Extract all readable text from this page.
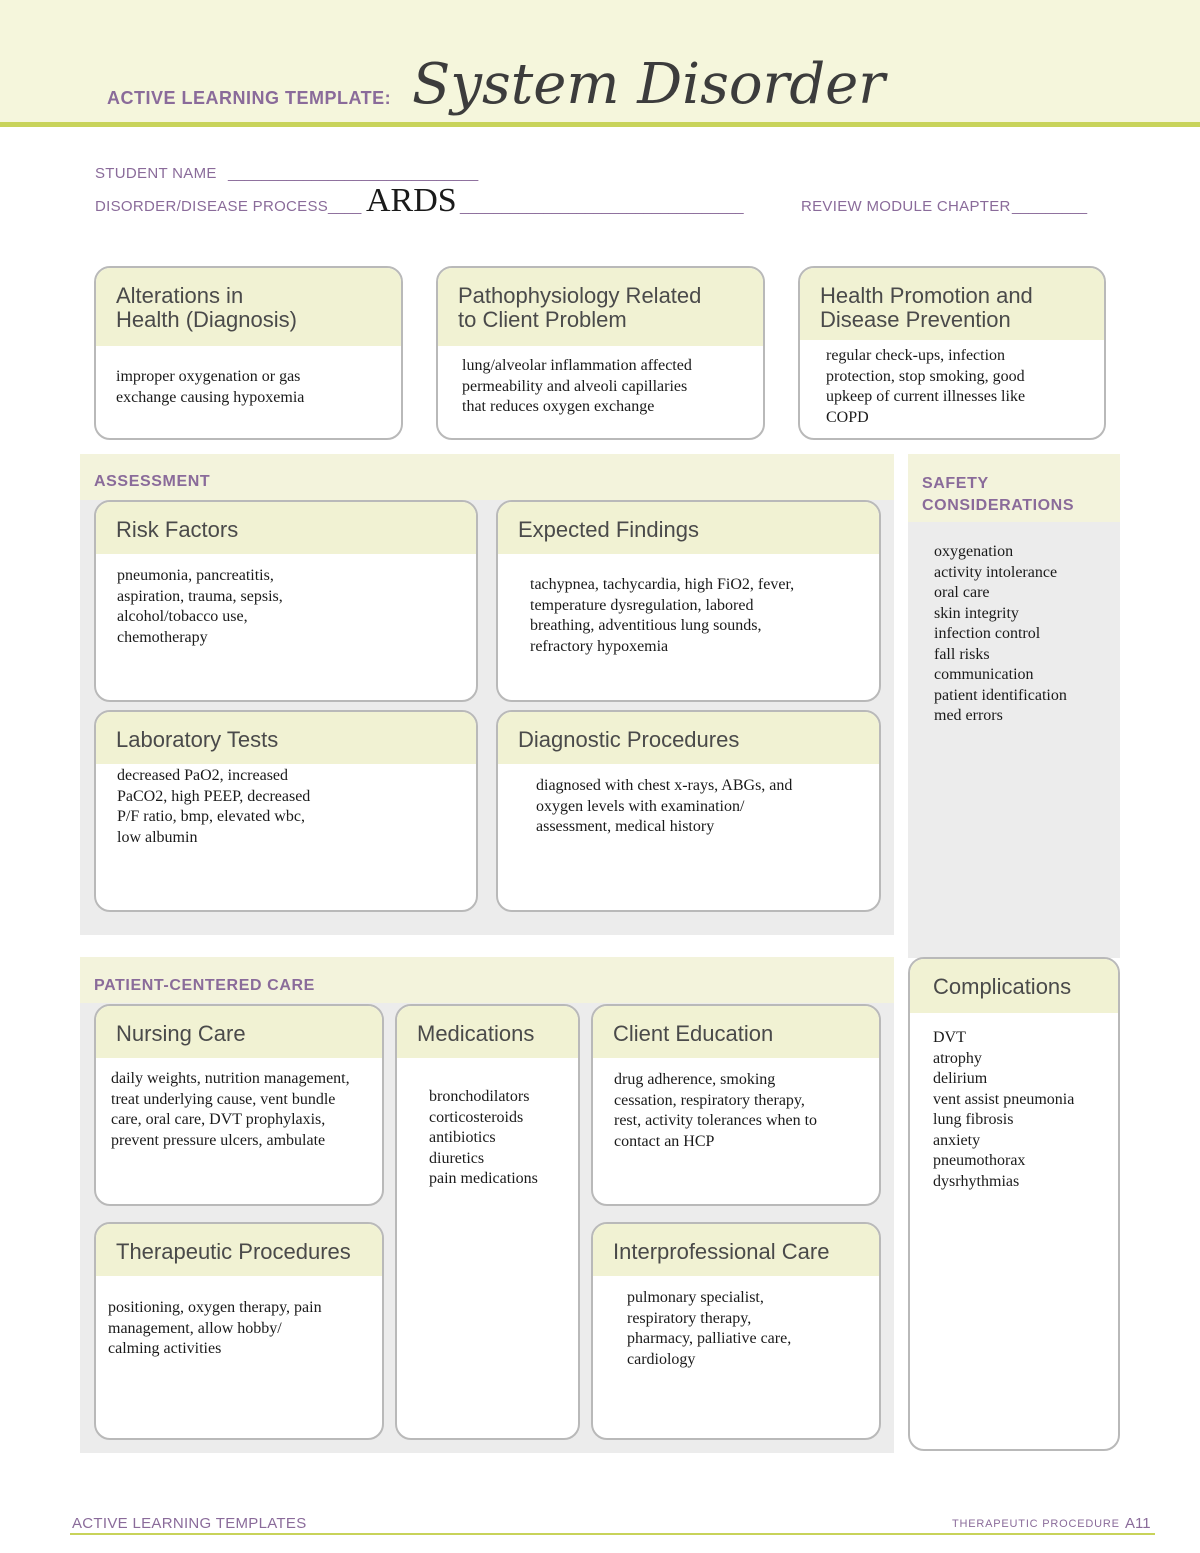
ACTIVE LEARNING TEMPLATE: System Disorder
STUDENT NAME ______________________________
DISORDER/DISEASE PROCESS ____ ARDS __________________________________	REVIEW MODULE CHAPTER _________
Alterations in
Health (Diagnosis)
improper oxygenation or gas
exchange causing hypoxemia
Pathophysiology Related
to Client Problem
lung/alveolar inflammation affected
permeability and alveoli capillaries
that reduces oxygen exchange
Health Promotion and
Disease Prevention
regular check-ups, infection
protection, stop smoking, good
upkeep of current illnesses like
COPD
ASSESSMENT
Risk Factors
pneumonia, pancreatitis,
aspiration, trauma, sepsis,
alcohol/tobacco use,
chemotherapy
Expected Findings
tachypnea, tachycardia, high FiO2, fever,
temperature dysregulation, labored
breathing, adventitious lung sounds,
refractory hypoxemia
Laboratory Tests
decreased PaO2, increased
PaCO2, high PEEP, decreased
P/F ratio, bmp, elevated wbc,
low albumin
Diagnostic Procedures
diagnosed with chest x-rays, ABGs, and
oxygen levels with examination/
assessment, medical history
SAFETY
CONSIDERATIONS
oxygenation
activity intolerance
oral care
skin integrity
infection control
fall risks
communication
patient identification
med errors
PATIENT-CENTERED CARE
Nursing Care
daily weights, nutrition management,
treat underlying cause, vent bundle
care, oral care, DVT prophylaxis,
prevent pressure ulcers, ambulate
Medications
bronchodilators
corticosteroids
antibiotics
diuretics
pain medications
Client Education
drug adherence, smoking
cessation, respiratory therapy,
rest, activity tolerances when to
contact an HCP
Therapeutic Procedures
positioning, oxygen therapy, pain
management, allow hobby/
calming activities
Interprofessional Care
pulmonary specialist,
respiratory therapy,
pharmacy, palliative care,
cardiology
Complications
DVT
atrophy
delirium
vent assist pneumonia
lung fibrosis
anxiety
pneumothorax
dysrhythmias
ACTIVE LEARNING TEMPLATES	THERAPEUTIC PROCEDURE A11
